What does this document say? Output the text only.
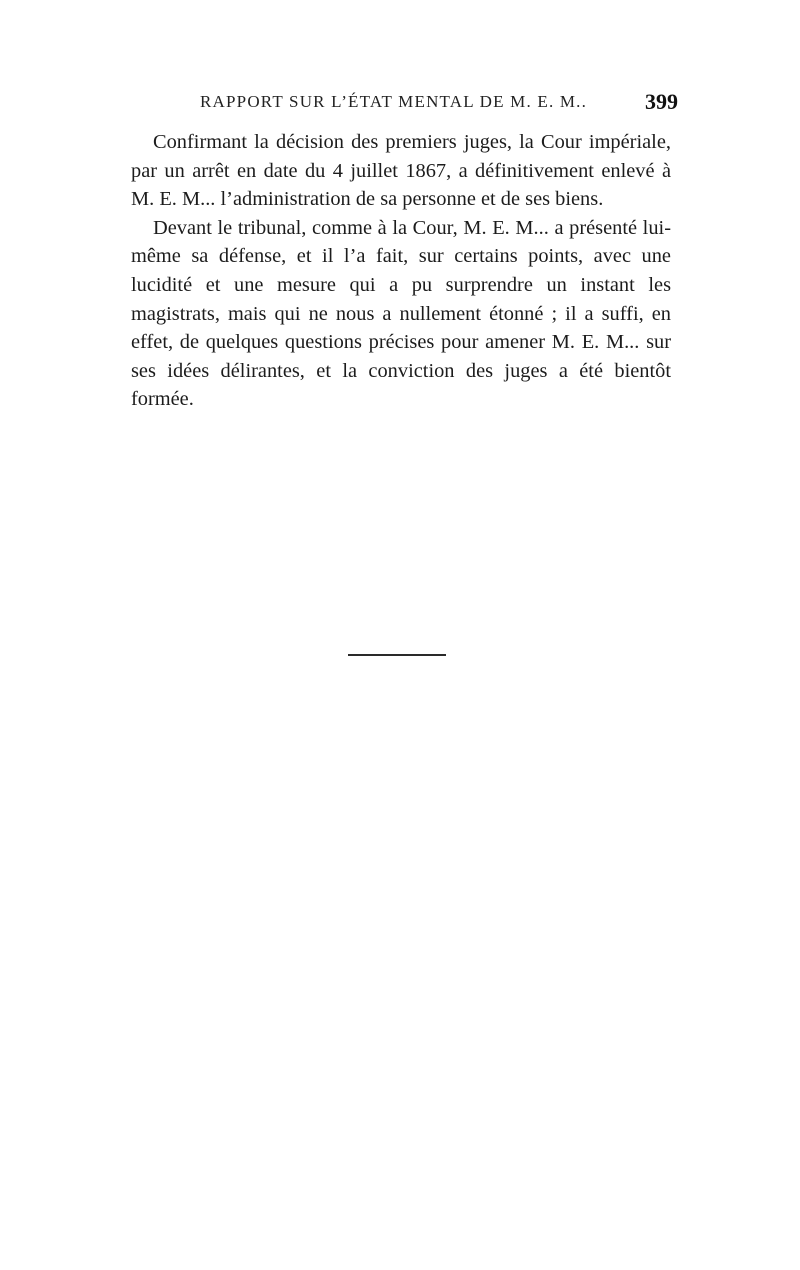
RAPPORT SUR L’ÉTAT MENTAL DE M. E. M..	399

Confirmant la décision des premiers juges, la Cour impériale, par un arrêt en date du 4 juillet 1867, a définitivement enlevé à M. E. M... l’administration de sa personne et de ses biens.

Devant le tribunal, comme à la Cour, M. E. M... a présenté lui-même sa défense, et il l’a fait, sur certains points, avec une lucidité et une mesure qui a pu surprendre un instant les magistrats, mais qui ne nous a nullement étonné ; il a suffi, en effet, de quelques questions précises pour amener M. E. M... sur ses idées délirantes, et la conviction des juges a été bientôt formée.
